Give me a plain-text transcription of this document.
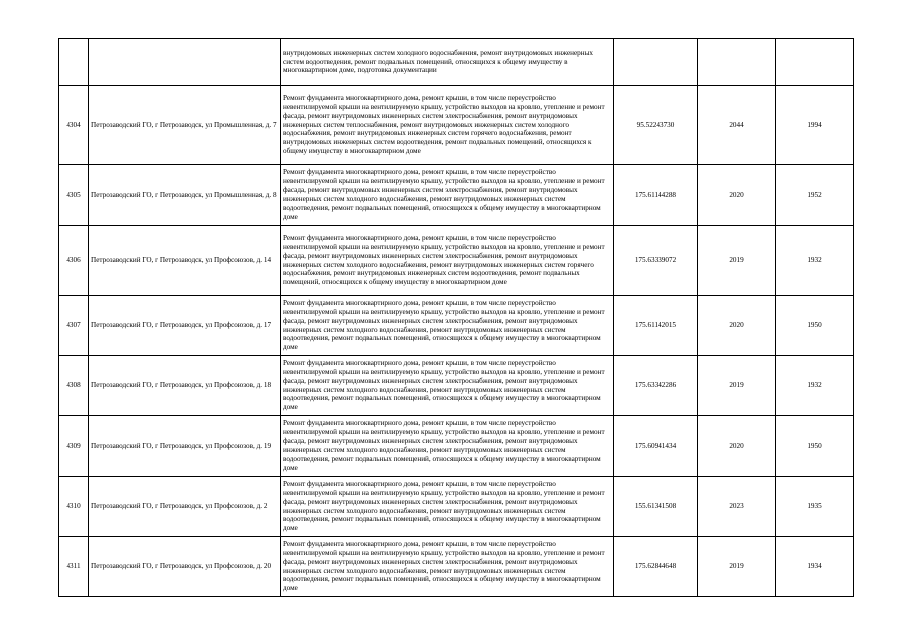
		внутридомовых инженерных систем холодного водоснабжения, ремонт внутридомовых инженерных систем водоотведения, ремонт подвальных помещений, относящихся к общему имуществу в многоквартирном доме, подготовка документации			
4304	Петрозаводский ГО, г Петрозаводск, ул Промышленная, д. 7	Ремонт фундамента многоквартирного дома, ремонт крыши, в том числе переустройство невентилируемой крыши на вентилируемую крышу, устройство выходов на кровлю, утепление и ремонт фасада, ремонт внутридомовых инженерных систем электроснабжения, ремонт внутридомовых инженерных систем теплоснабжения, ремонт внутридомовых инженерных систем холодного водоснабжения, ремонт внутридомовых инженерных систем горячего водоснабжения, ремонт внутридомовых инженерных систем водоотведения, ремонт подвальных помещений, относящихся к общему имуществу в многоквартирном доме	95.52243730	2044	1994
4305	Петрозаводский ГО, г Петрозаводск, ул Промышленная, д. 8	Ремонт фундамента многоквартирного дома, ремонт крыши, в том числе переустройство невентилируемой крыши на вентилируемую крышу, устройство выходов на кровлю, утепление и ремонт фасада, ремонт внутридомовых инженерных систем электроснабжения, ремонт внутридомовых инженерных систем холодного водоснабжения, ремонт внутридомовых инженерных систем водоотведения, ремонт подвальных помещений, относящихся к общему имуществу в многоквартирном доме	175.61144288	2020	1952
4306	Петрозаводский ГО, г Петрозаводск, ул Профсоюзов, д. 14	Ремонт фундамента многоквартирного дома, ремонт крыши, в том числе переустройство невентилируемой крыши на вентилируемую крышу, устройство выходов на кровлю, утепление и ремонт фасада, ремонт внутридомовых инженерных систем электроснабжения, ремонт внутридомовых инженерных систем холодного водоснабжения, ремонт внутридомовых инженерных систем горячего водоснабжения, ремонт внутридомовых инженерных систем водоотведения, ремонт подвальных помещений, относящихся к общему имуществу в многоквартирном доме	175.63339072	2019	1932
4307	Петрозаводский ГО, г Петрозаводск, ул Профсоюзов, д. 17	Ремонт фундамента многоквартирного дома, ремонт крыши, в том числе переустройство невентилируемой крыши на вентилируемую крышу, устройство выходов на кровлю, утепление и ремонт фасада, ремонт внутридомовых инженерных систем электроснабжения, ремонт внутридомовых инженерных систем холодного водоснабжения, ремонт внутридомовых инженерных систем водоотведения, ремонт подвальных помещений, относящихся к общему имуществу в многоквартирном доме	175.61142015	2020	1950
4308	Петрозаводский ГО, г Петрозаводск, ул Профсоюзов, д. 18	Ремонт фундамента многоквартирного дома, ремонт крыши, в том числе переустройство невентилируемой крыши на вентилируемую крышу, устройство выходов на кровлю, утепление и ремонт фасада, ремонт внутридомовых инженерных систем электроснабжения, ремонт внутридомовых инженерных систем холодного водоснабжения, ремонт внутридомовых инженерных систем водоотведения, ремонт подвальных помещений, относящихся к общему имуществу в многоквартирном доме	175.63342286	2019	1932
4309	Петрозаводский ГО, г Петрозаводск, ул Профсоюзов, д. 19	Ремонт фундамента многоквартирного дома, ремонт крыши, в том числе переустройство невентилируемой крыши на вентилируемую крышу, устройство выходов на кровлю, утепление и ремонт фасада, ремонт внутридомовых инженерных систем электроснабжения, ремонт внутридомовых инженерных систем холодного водоснабжения, ремонт внутридомовых инженерных систем водоотведения, ремонт подвальных помещений, относящихся к общему имуществу в многоквартирном доме	175.60941434	2020	1950
4310	Петрозаводский ГО, г Петрозаводск, ул Профсоюзов, д. 2	Ремонт фундамента многоквартирного дома, ремонт крыши, в том числе переустройство невентилируемой крыши на вентилируемую крышу, устройство выходов на кровлю, утепление и ремонт фасада, ремонт внутридомовых инженерных систем электроснабжения, ремонт внутридомовых инженерных систем холодного водоснабжения, ремонт внутридомовых инженерных систем водоотведения, ремонт подвальных помещений, относящихся к общему имуществу в многоквартирном доме	155.61341508	2023	1935
4311	Петрозаводский ГО, г Петрозаводск, ул Профсоюзов, д. 20	Ремонт фундамента многоквартирного дома, ремонт крыши, в том числе переустройство невентилируемой крыши на вентилируемую крышу, устройство выходов на кровлю, утепление и ремонт фасада, ремонт внутридомовых инженерных систем электроснабжения, ремонт внутридомовых инженерных систем холодного водоснабжения, ремонт внутридомовых инженерных систем водоотведения, ремонт подвальных помещений, относящихся к общему имуществу в многоквартирном доме	175.62844648	2019	1934
